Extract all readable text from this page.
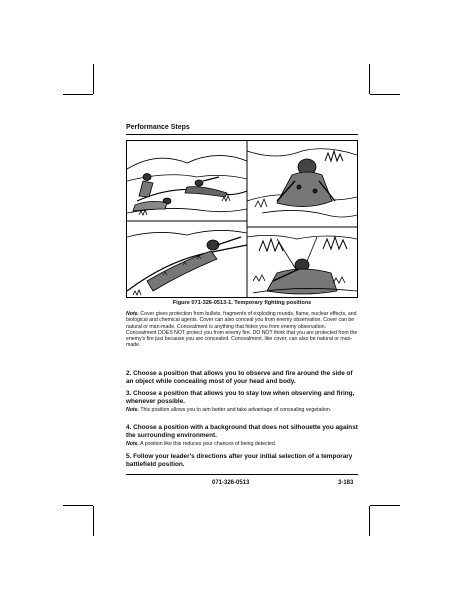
Performance Steps
Figure 071-326-0513-1. Temporary fighting positions

Note. Cover gives protection from bullets, fragments of exploding rounds, flame, nuclear effects, and biological and chemical agents. Cover can also conceal you from enemy observation. Cover can be natural or man-made. Concealment is anything that hides you from enemy observation. Concealment DOES NOT protect you from enemy fire. DO NOT think that you are protected from the enemy's fire just because you are concealed. Concealment, like cover, can also be natural or man-made.

2. Choose a position that allows you to observe and fire around the side of an object while concealing most of your head and body.

3. Choose a position that allows you to stay low when observing and firing, whenever possible.

Note. This position allows you to aim better and take advantage of concealing vegetation.

4. Choose a position with a background that does not silhouette you against the surrounding environment.

Note. A position like this reduces your chances of being detected.

5. Follow your leader's directions after your initial selection of a temporary battlefield position.

071-326-0513	3-183
